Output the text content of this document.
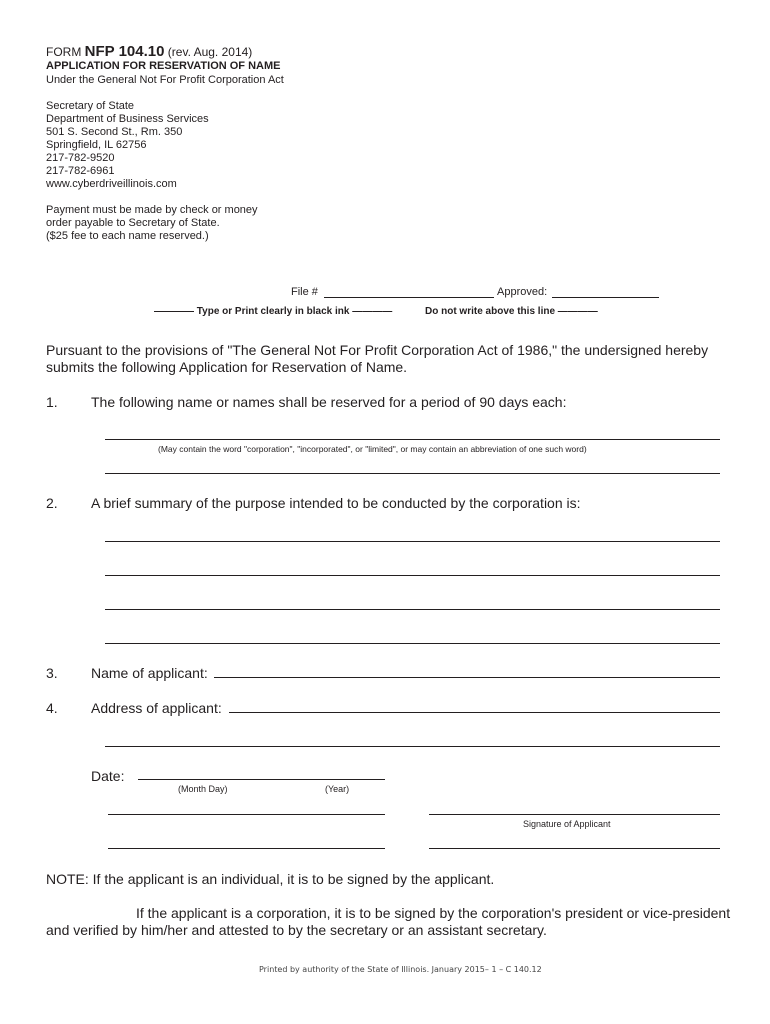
FORM NFP 104.10 (rev. Aug. 2014)
APPLICATION FOR RESERVATION OF NAME
Under the General Not For Profit Corporation Act
Secretary of State
Department of Business Services
501 S. Second St., Rm. 350
Springfield, IL 62756
217-782-9520
217-782-6961
www.cyberdriveillinois.com
Payment must be made by check or money
order payable to Secretary of State.
($25 fee to each name reserved.)
File #	Approved:
———— Type or Print clearly in black ink ————	Do not write above this line ————
Pursuant to the provisions of "The General Not For Profit Corporation Act of 1986," the undersigned hereby
submits the following Application for Reservation of Name.
1. The following name or names shall be reserved for a period of 90 days each:
(May contain the word "corporation", "incorporated", or "limited", or may contain an abbreviation of one such word)
2. A brief summary of the purpose intended to be conducted by the corporation is:
3. Name of applicant:
4. Address of applicant:
Date:
(Month Day)	(Year)
Signature of Applicant
NOTE: If the applicant is an individual, it is to be signed by the applicant.
If the applicant is a corporation, it is to be signed by the corporation's president or vice-president
and verified by him/her and attested to by the secretary or an assistant secretary.
Printed by authority of the State of Illinois. January 2015– 1 – C 140.12
